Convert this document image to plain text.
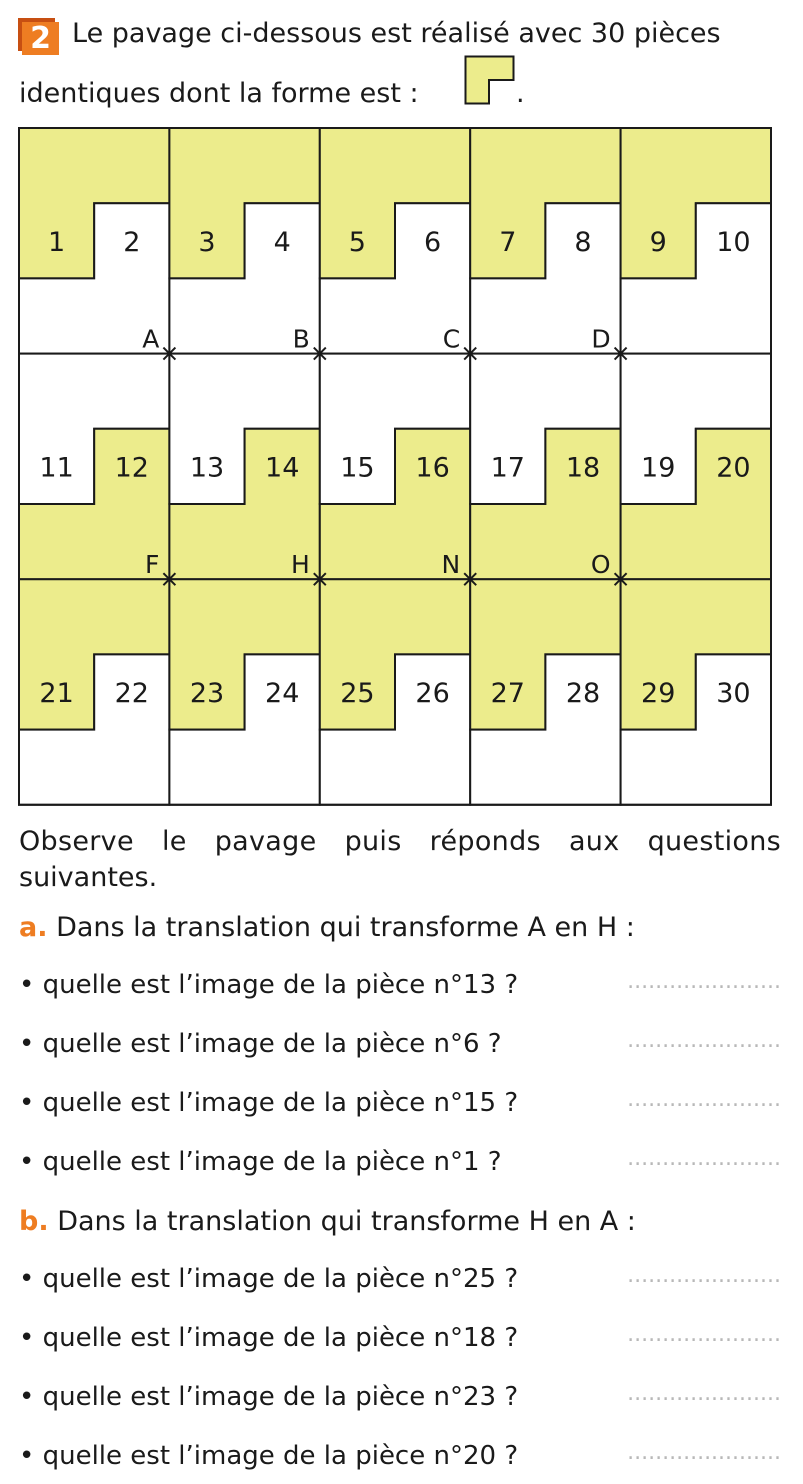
2 Le pavage ci-dessous est réalisé avec 30 pièces
identiques dont la forme est :	.
1 2 3 4 5 6 7 8 9 10
11 12 13 14 15 16 17 18 19 20
21 22 23 24 25 26 27 28 29 30
A	B	C	D
F	H	N	O
Observe le pavage puis réponds aux questions
suivantes.
a. Dans la translation qui transforme A en H :
• quelle est l’image de la pièce n°13 ?	......................
• quelle est l’image de la pièce n°6 ?	......................
• quelle est l’image de la pièce n°15 ?	......................
• quelle est l’image de la pièce n°1 ?	......................
b. Dans la translation qui transforme H en A :
• quelle est l’image de la pièce n°25 ?	......................
• quelle est l’image de la pièce n°18 ?	......................
• quelle est l’image de la pièce n°23 ?	......................
• quelle est l’image de la pièce n°20 ?	......................
